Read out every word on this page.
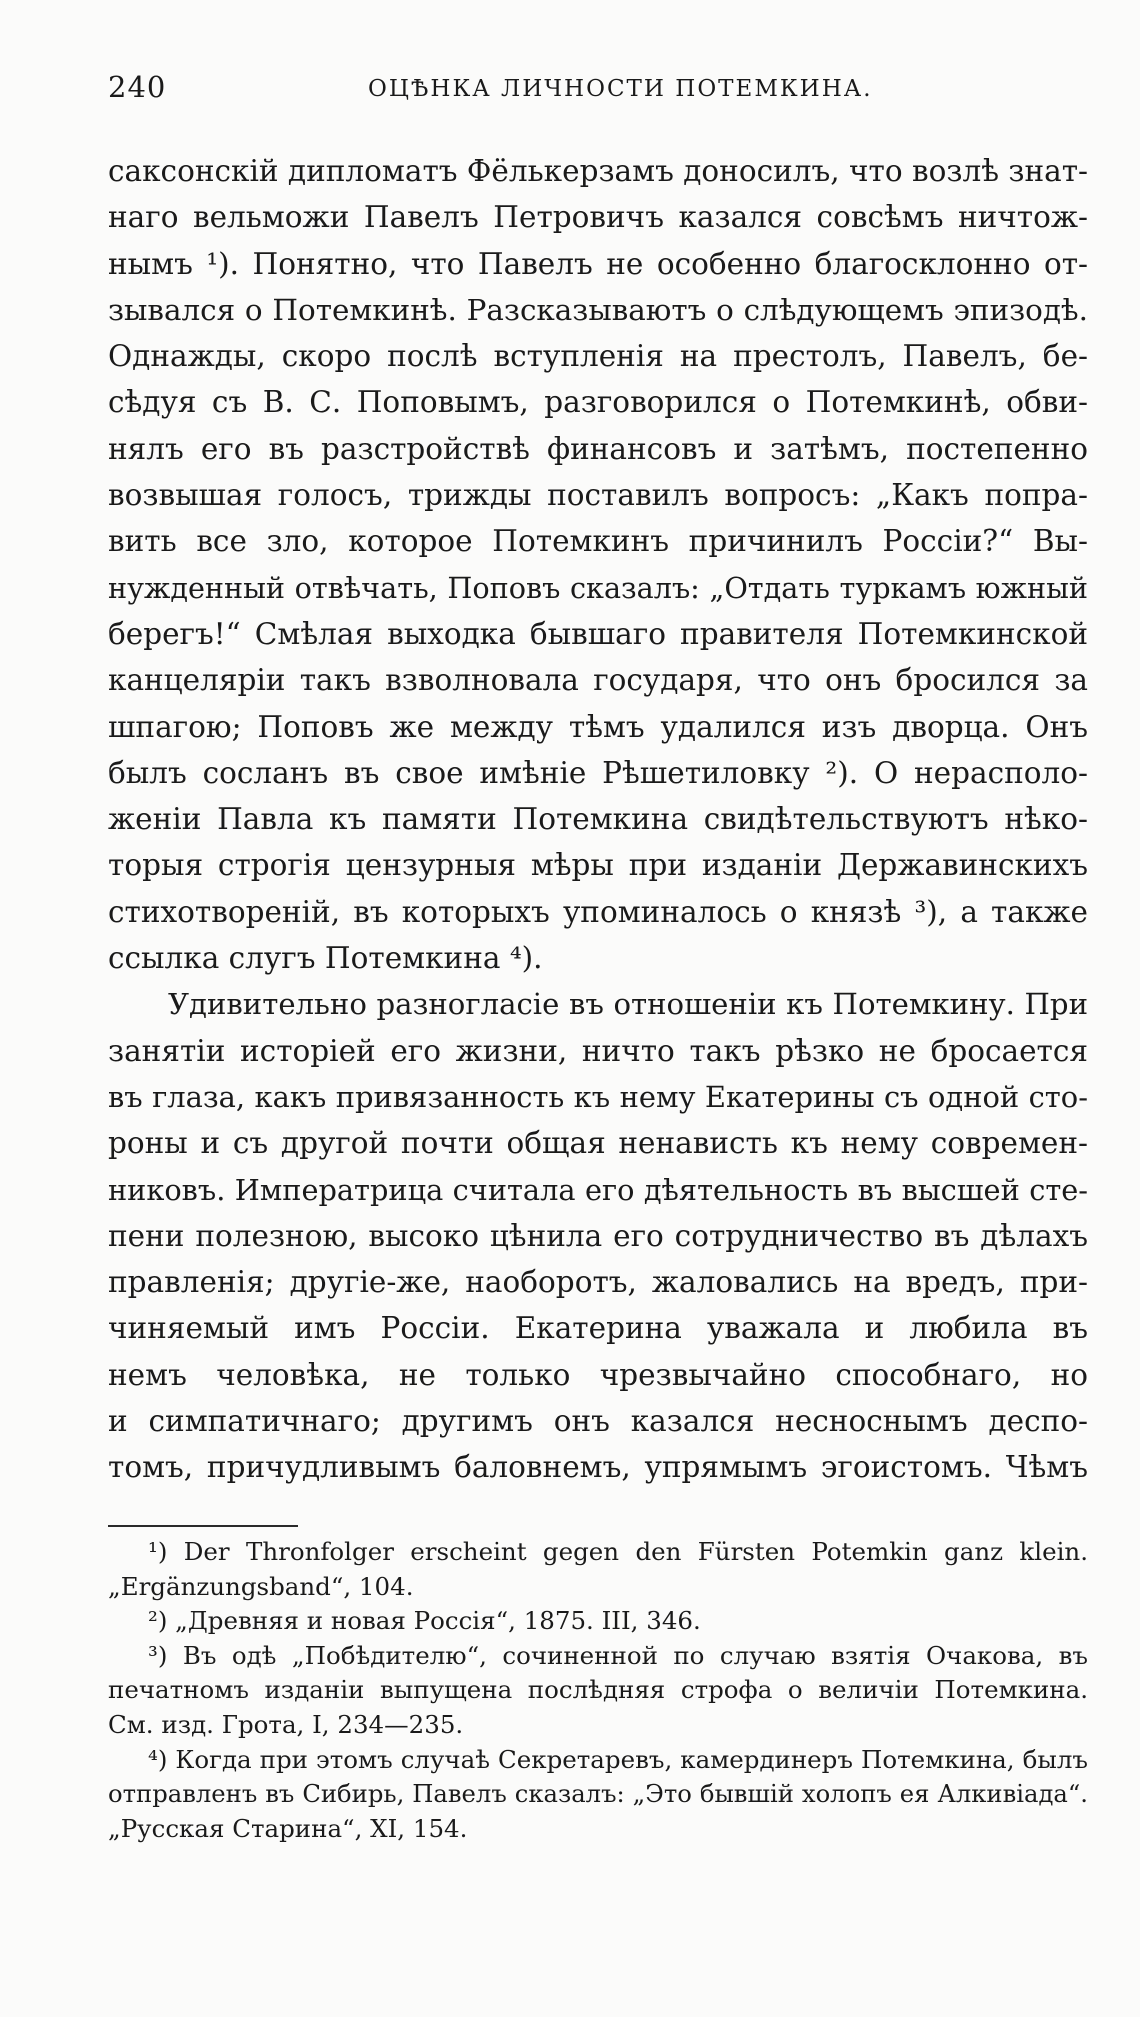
240	ОЦѢНКА ЛИЧНОСТИ ПОТЕМКИНА.
саксонскій дипломатъ Фёлькерзамъ доносилъ, что возлѣ знат-
наго вельможи Павелъ Петровичъ казался совсѣмъ ничтож-
нымъ ¹). Понятно, что Павелъ не особенно благосклонно от-
зывался о Потемкинѣ. Разсказываютъ о слѣдующемъ эпизодѣ.
Однажды, скоро послѣ вступленія на престолъ, Павелъ, бе-
сѣдуя съ В. С. Поповымъ, разговорился о Потемкинѣ, обви-
нялъ его въ разстройствѣ финансовъ и затѣмъ, постепенно
возвышая голосъ, трижды поставилъ вопросъ: „Какъ попра-
вить все зло, которое Потемкинъ причинилъ Россіи?“ Вы-
нужденный отвѣчать, Поповъ сказалъ: „Отдать туркамъ южный
берегъ!“ Смѣлая выходка бывшаго правителя Потемкинской
канцеляріи такъ взволновала государя, что онъ бросился за
шпагою; Поповъ же между тѣмъ удалился изъ дворца. Онъ
былъ сосланъ въ свое имѣніе Рѣшетиловку ²). О нерасполо-
женіи Павла къ памяти Потемкина свидѣтельствуютъ нѣко-
торыя строгія цензурныя мѣры при изданіи Державинскихъ
стихотвореній, въ которыхъ упоминалось о князѣ ³), а также
ссылка слугъ Потемкина ⁴).
Удивительно разногласіе въ отношеніи къ Потемкину. При
занятіи исторіей его жизни, ничто такъ рѣзко не бросается
въ глаза, какъ привязанность къ нему Екатерины съ одной сто-
роны и съ другой почти общая ненависть къ нему современ-
никовъ. Императрица считала его дѣятельность въ высшей сте-
пени полезною, высоко цѣнила его сотрудничество въ дѣлахъ
правленія; другіе-же, наоборотъ, жаловались на вредъ, при-
чиняемый имъ Россіи. Екатерина уважала и любила въ
немъ человѣка, не только чрезвычайно способнаго, но
и симпатичнаго; другимъ онъ казался несноснымъ деспо-
томъ, причудливымъ баловнемъ, упрямымъ эгоистомъ. Чѣмъ
¹) Der Thronfolger erscheint gegen den Fürsten Potemkin ganz klein.
„Ergänzungsband“, 104.
²) „Древняя и новая Россія“, 1875. III, 346.
³) Въ одѣ „Побѣдителю“, сочиненной по случаю взятія Очакова, въ
печатномъ изданіи выпущена послѣдняя строфа о величіи Потемкина.
См. изд. Грота, I, 234—235.
⁴) Когда при этомъ случаѣ Секретаревъ, камердинеръ Потемкина, былъ
отправленъ въ Сибирь, Павелъ сказалъ: „Это бывшій холопъ ея Алкивіада“.
„Русская Старина“, XI, 154.
